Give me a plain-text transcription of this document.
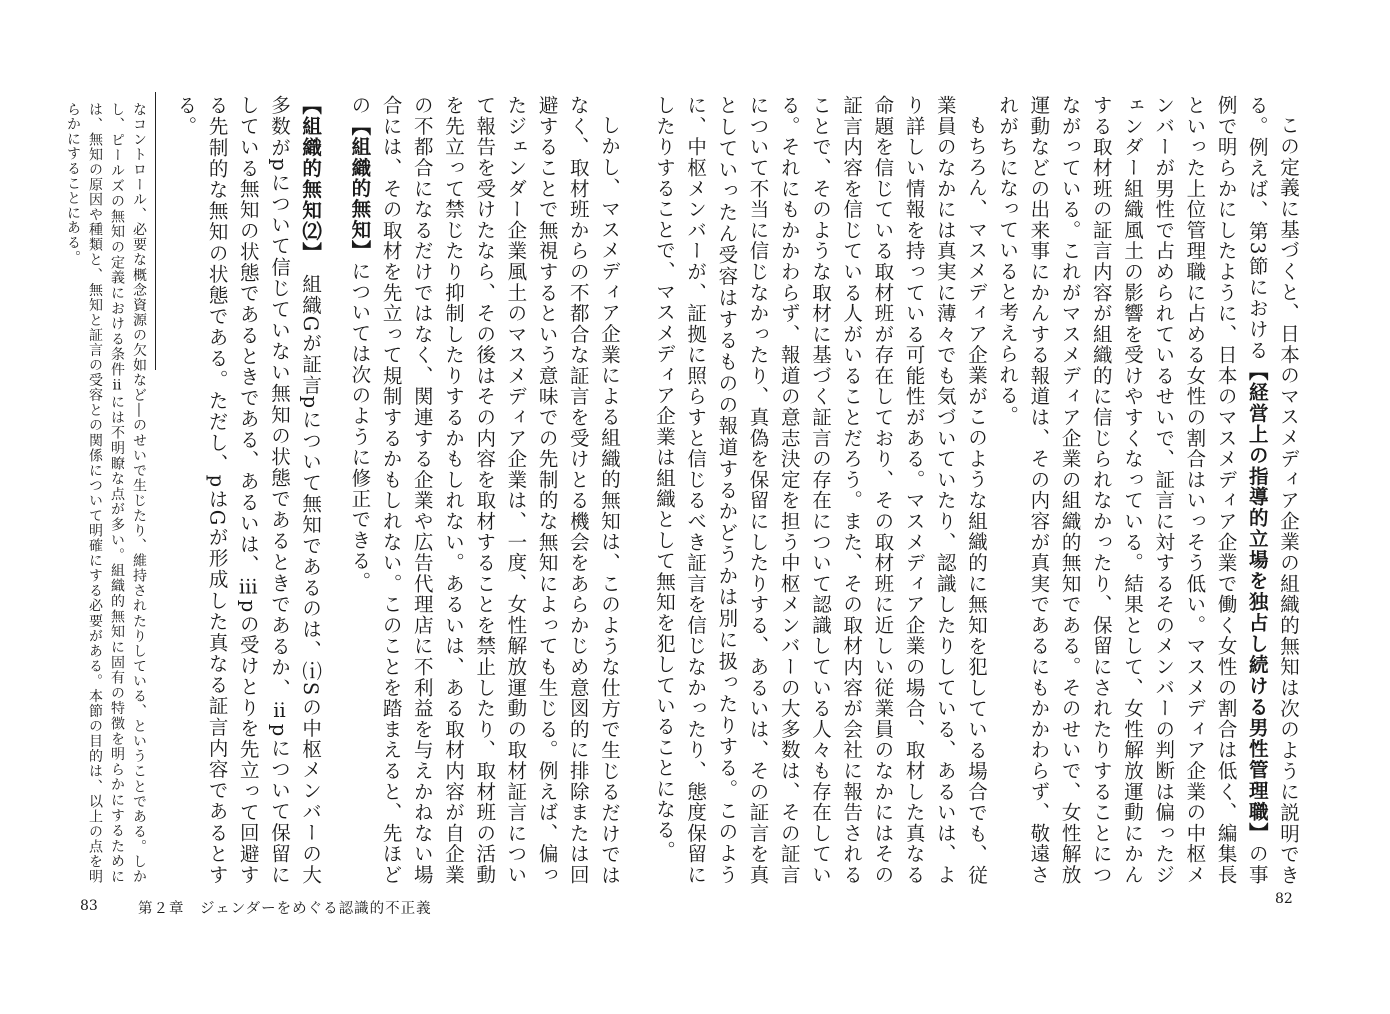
しかし、マスメディア企業による組織的無知は、このような仕方で生じるだけではなく、取材班からの不都合な証言を受けとる機会をあらかじめ意図的に排除または回避することで無視するという意味での先制的な無知によっても生じる。例えば、偏ったジェンダー企業風土のマスメディア企業は、一度、女性解放運動の取材証言について報告を受けたなら、その後はその内容を取材することを禁止したり、取材班の活動を先立って禁じたり抑制したりするかもしれない。あるいは、ある取材内容が自企業の不都合になるだけではなく、関連する企業や広告代理店に不利益を与えかねない場合には、その取材を先立って規制するかもしれない。このことを踏まえると、先ほどの【組織的無知】については次のように修正できる。

【組織的無知⑵】　組織Gが証言pについて無知であるのは、⒤Sの中枢メンバーの大多数がpについて信じていない無知の状態であるときであるか、ⅱpについて保留にしている無知の状態であるときである、あるいは、ⅲpの受けとりを先立って回避する先制的な無知の状態である。ただし、pはGが形成した真なる証言内容であるとする。

なコントロール、必要な概念資源の欠如など―のせいで生じたり、維持されたりしている、ということである。しかし、ピールズの無知の定義における条件ⅱには不明瞭な点が多い。組織的無知に固有の特徴を明らかにするためには、無知の原因や種類と、無知と証言の受容との関係について明確にする必要がある。本節の目的は、以上の点を明らかにすることにある。

83	第２章　ジェンダーをめぐる認識的不正義

この定義に基づくと、日本のマスメディア企業の組織的無知は次のように説明できる。例えば、第3節における【経営上の指導的立場を独占し続ける男性管理職】の事例で明らかにしたように、日本のマスメディア企業で働く女性の割合は低く、編集長といった上位管理職に占める女性の割合はいっそう低い。マスメディア企業の中枢メンバーが男性で占められているせいで、証言に対するそのメンバーの判断は偏ったジェンダー組織風土の影響を受けやすくなっている。結果として、女性解放運動にかんする取材班の証言内容が組織的に信じられなかったり、保留にされたりすることにつながっている。これがマスメディア企業の組織的無知である。そのせいで、女性解放運動などの出来事にかんする報道は、その内容が真実であるにもかかわらず、敬遠されがちになっていると考えられる。

もちろん、マスメディア企業がこのような組織的に無知を犯している場合でも、従業員のなかには真実に薄々でも気づいていたり、認識したりしている、あるいは、より詳しい情報を持っている可能性がある。マスメディア企業の場合、取材した真なる命題を信じている取材班が存在しており、その取材班に近しい従業員のなかにはその証言内容を信じている人がいることだろう。また、その取材内容が会社に報告されることで、そのような取材に基づく証言の存在について認識している人々も存在している。それにもかかわらず、報道の意志決定を担う中枢メンバーの大多数は、その証言について不当に信じなかったり、真偽を保留にしたりする、あるいは、その証言を真としていったん受容はするものの報道するかどうかは別に扱ったりする。このように、中枢メンバーが、証拠に照らすと信じるべき証言を信じなかったり、態度保留にしたりすることで、マスメディア企業は組織として無知を犯していることになる。

82
